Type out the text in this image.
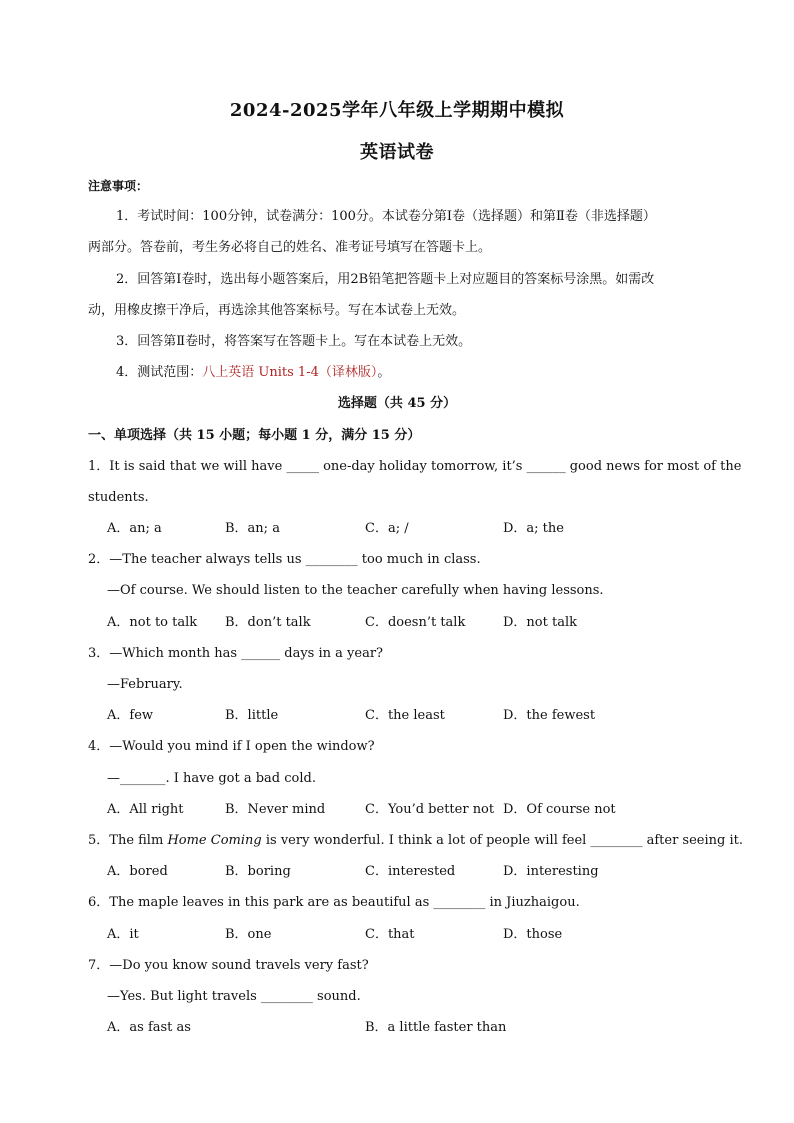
2024-2025学年八年级上学期期中模拟
英语试卷
注意事项：
1．考试时间：100分钟，试卷满分：100分。本试卷分第Ⅰ卷（选择题）和第Ⅱ卷（非选择题）
两部分。答卷前，考生务必将自己的姓名、准考证号填写在答题卡上。
2．回答第Ⅰ卷时，选出每小题答案后，用2B铅笔把答题卡上对应题目的答案标号涂黑。如需改
动，用橡皮擦干净后，再选涂其他答案标号。写在本试卷上无效。
3．回答第Ⅱ卷时，将答案写在答题卡上。写在本试卷上无效。
4．测试范围：八上英语 Units 1-4（译林版）。
选择题（共 45 分）
一、单项选择（共 15 小题；每小题 1 分，满分 15 分）
1．It is said that we will have _____ one-day holiday tomorrow, it’s ______ good news for most of the
students.
A．an; a	B．an; a	C．a; /	D．a; the
2．—The teacher always tells us ________ too much in class.
—Of course. We should listen to the teacher carefully when having lessons.
A．not to talk B．don’t talk	C．doesn’t talk	D．not talk
3．—Which month has ______ days in a year?
—February.
A．few	B．little	C．the least	D．the fewest
4．—Would you mind if I open the window?
—_______. I have got a bad cold.
A．All right	B．Never mind	C．You’d better not D．Of course not
5．The film Home Coming is very wonderful. I think a lot of people will feel ________ after seeing it.
A．bored	B．boring	C．interested	D．interesting
6．The maple leaves in this park are as beautiful as ________ in Jiuzhaigou.
A．it	B．one	C．that	D．those
7．—Do you know sound travels very fast?
—Yes. But light travels ________ sound.
A．as fast as	B．a little faster than
